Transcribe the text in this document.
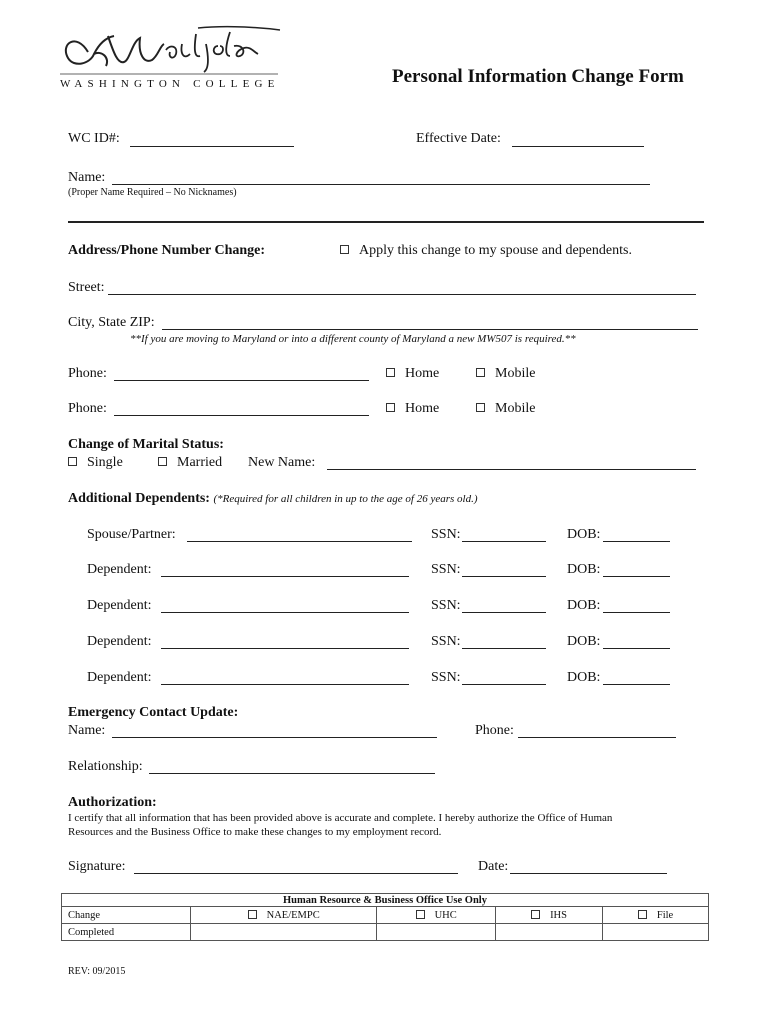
WASHINGTON COLLEGE	Personal Information Change Form
WC ID#:	Effective Date:
Name:
(Proper Name Required – No Nicknames)
Address/Phone Number Change:	Apply this change to my spouse and dependents.
Street:
City, State ZIP:
**If you are moving to Maryland or into a different county of Maryland a new MW507 is required.**
Phone:	Home	Mobile
Phone:	Home	Mobile
Change of Marital Status:
Single	Married New Name:
Additional Dependents: (*Required for all children in up to the age of 26 years old.)
Spouse/Partner:	SSN:	DOB:
Dependent:	SSN:	DOB:
Dependent:	SSN:	DOB:
Dependent:	SSN:	DOB:
Dependent:	SSN:	DOB:
Emergency Contact Update:
Name:	Phone:
Relationship:
Authorization:
I certify that all information that has been provided above is accurate and complete. I hereby authorize the Office of Human
Resources and the Business Office to make these changes to my employment record.
Signature:	Date:
Human Resource & Business Office Use Only				
Change	NAE/EMPC	UHC	IHS	File
Completed				
REV: 09/2015
